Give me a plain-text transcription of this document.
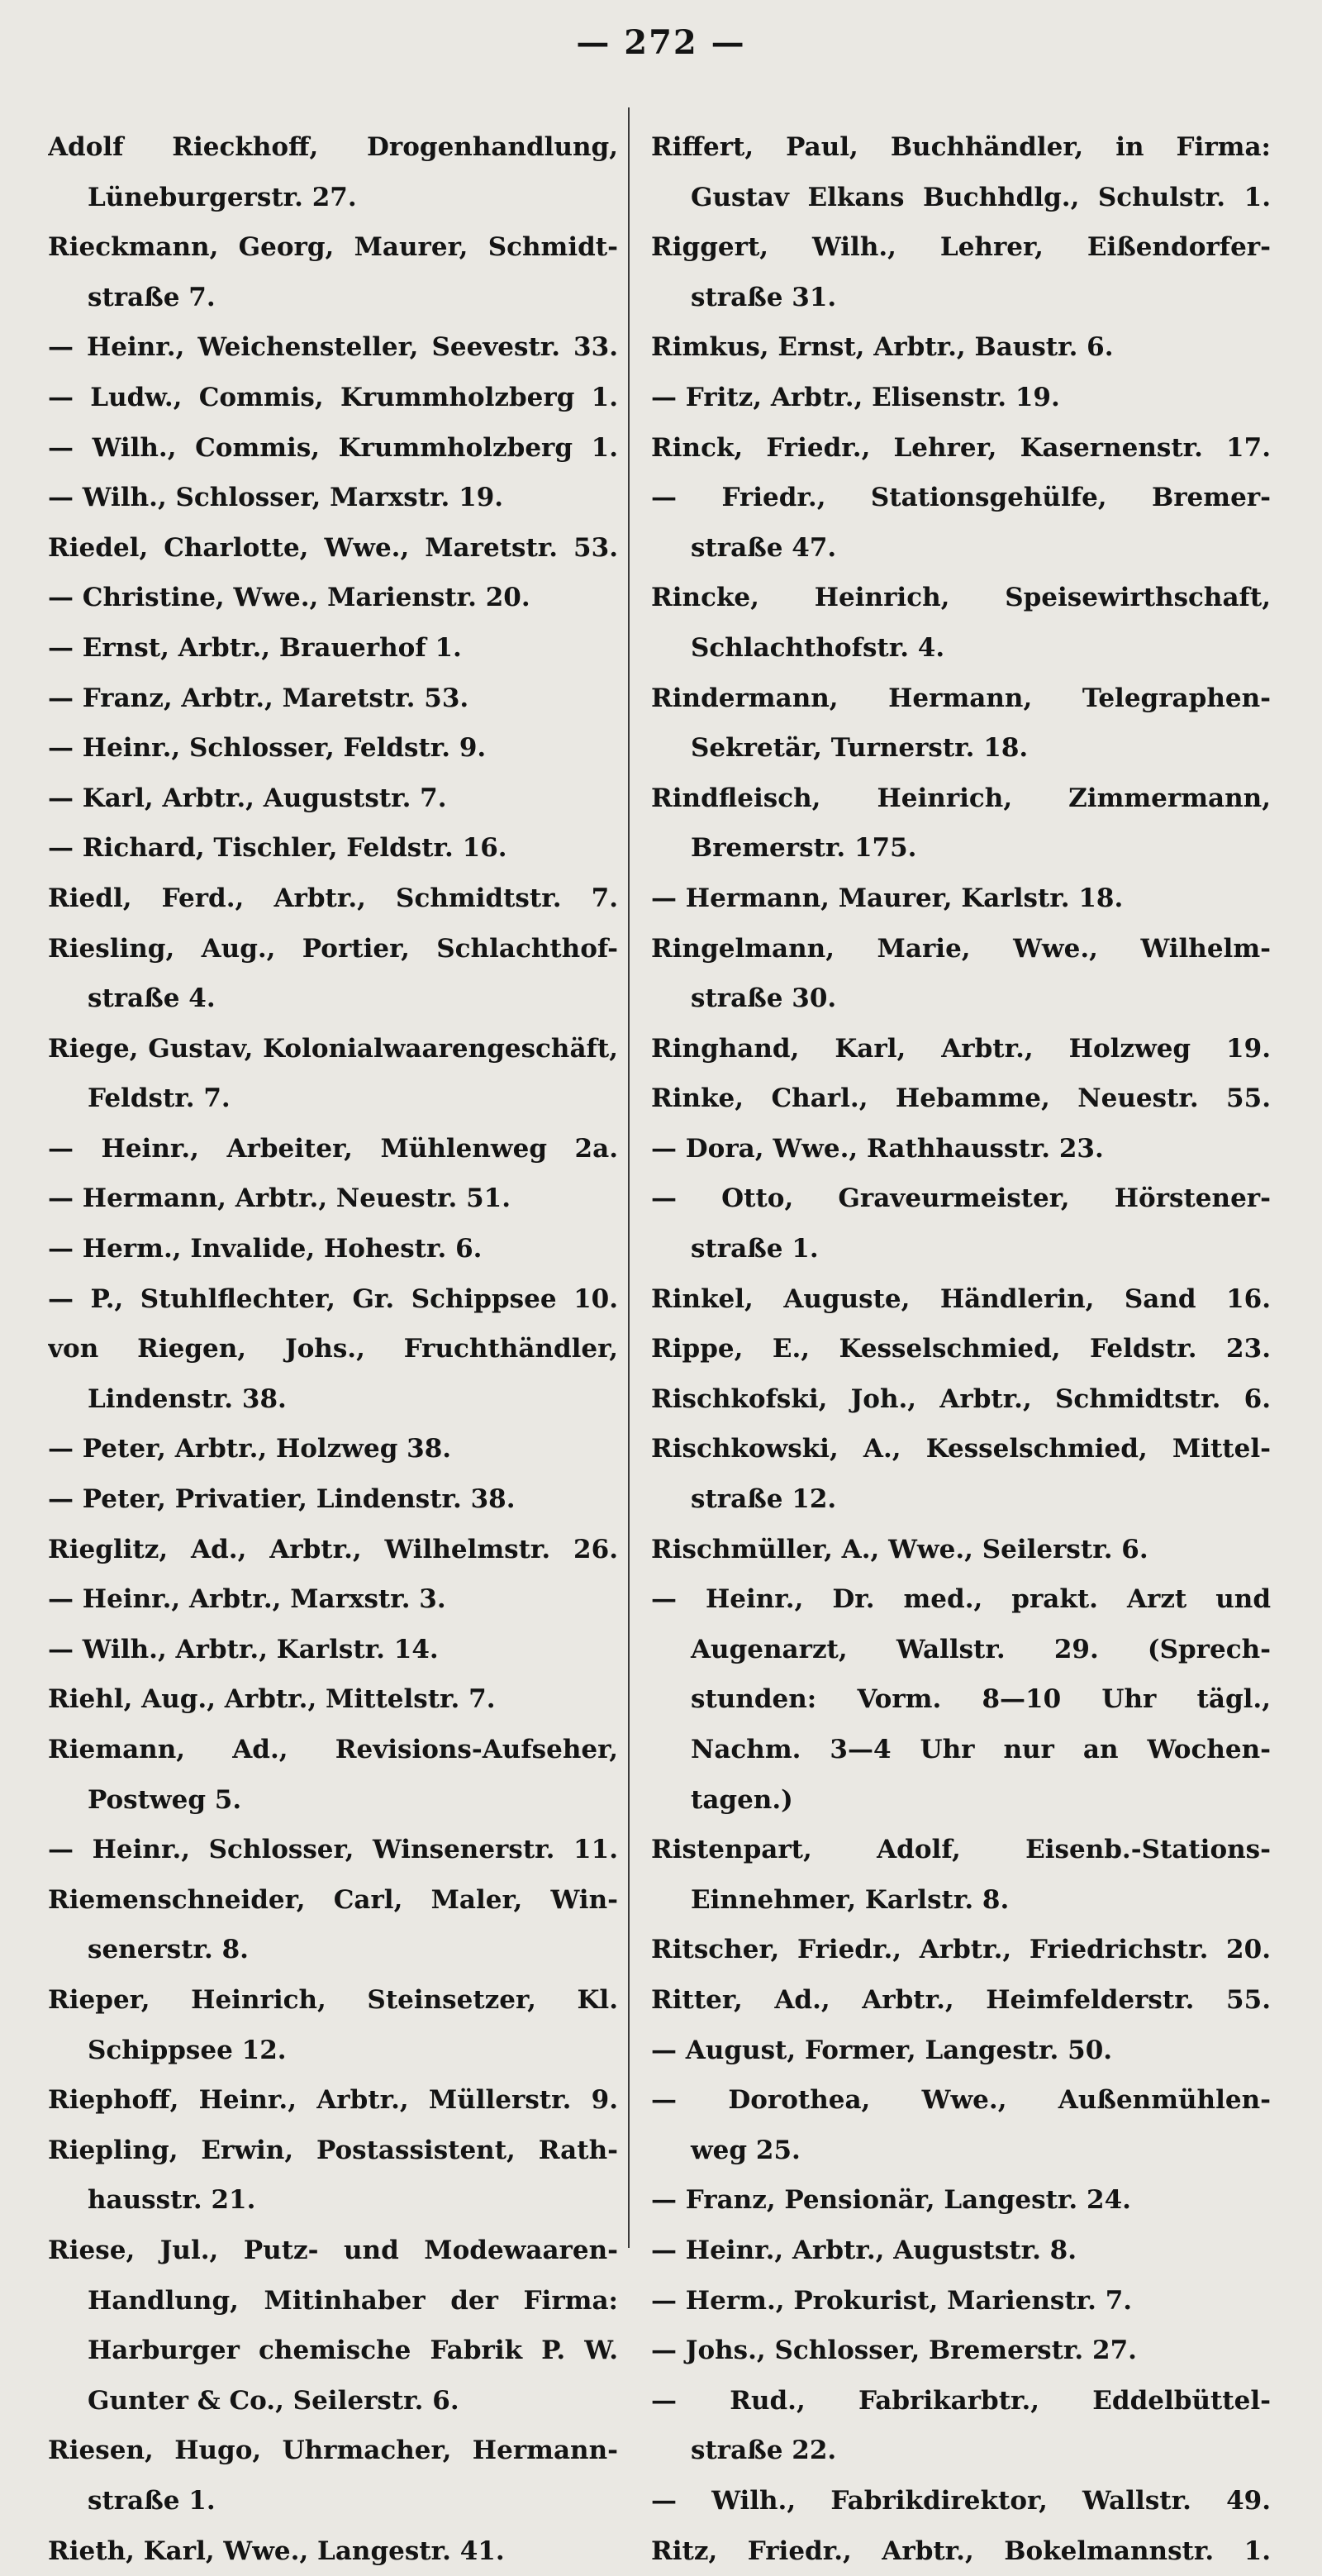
— 272 —
Adolf Rieckhoff, Drogenhandlung,
Lüneburgerstr. 27.
Rieckmann, Georg, Maurer, Schmidt-
straße 7.
— Heinr., Weichensteller, Seevestr. 33.
— Ludw., Commis, Krummholzberg 1.
— Wilh., Commis, Krummholzberg 1.
— Wilh., Schlosser, Marxstr. 19.
Riedel, Charlotte, Wwe., Maretstr. 53.
— Christine, Wwe., Marienstr. 20.
— Ernst, Arbtr., Brauerhof 1.
— Franz, Arbtr., Maretstr. 53.
— Heinr., Schlosser, Feldstr. 9.
— Karl, Arbtr., Auguststr. 7.
— Richard, Tischler, Feldstr. 16.
Riedl, Ferd., Arbtr., Schmidtstr. 7.
Riesling, Aug., Portier, Schlachthof-
straße 4.
Riege, Gustav, Kolonialwaarengeschäft,
Feldstr. 7.
— Heinr., Arbeiter, Mühlenweg 2a.
— Hermann, Arbtr., Neuestr. 51.
— Herm., Invalide, Hohestr. 6.
— P., Stuhlflechter, Gr. Schippsee 10.
von Riegen, Johs., Fruchthändler,
Lindenstr. 38.
— Peter, Arbtr., Holzweg 38.
— Peter, Privatier, Lindenstr. 38.
Rieglitz, Ad., Arbtr., Wilhelmstr. 26.
— Heinr., Arbtr., Marxstr. 3.
— Wilh., Arbtr., Karlstr. 14.
Riehl, Aug., Arbtr., Mittelstr. 7.
Riemann, Ad., Revisions-Aufseher,
Postweg 5.
— Heinr., Schlosser, Winsenerstr. 11.
Riemenschneider, Carl, Maler, Win-
senerstr. 8.
Rieper, Heinrich, Steinsetzer, Kl.
Schippsee 12.
Riephoff, Heinr., Arbtr., Müllerstr. 9.
Riepling, Erwin, Postassistent, Rath-
hausstr. 21.
Riese, Jul., Putz- und Modewaaren-
Handlung, Mitinhaber der Firma:
Harburger chemische Fabrik P. W.
Gunter & Co., Seilerstr. 6.
Riesen, Hugo, Uhrmacher, Hermann-
straße 1.
Rieth, Karl, Wwe., Langestr. 41.
Riffert, Paul, Buchhändler, in Firma:
Gustav Elkans Buchhdlg., Schulstr. 1.
Riggert, Wilh., Lehrer, Eißendorfer-
straße 31.
Rimkus, Ernst, Arbtr., Baustr. 6.
— Fritz, Arbtr., Elisenstr. 19.
Rinck, Friedr., Lehrer, Kasernenstr. 17.
— Friedr., Stationsgehülfe, Bremer-
straße 47.
Rincke, Heinrich, Speisewirthschaft,
Schlachthofstr. 4.
Rindermann, Hermann, Telegraphen-
Sekretär, Turnerstr. 18.
Rindfleisch, Heinrich, Zimmermann,
Bremerstr. 175.
— Hermann, Maurer, Karlstr. 18.
Ringelmann, Marie, Wwe., Wilhelm-
straße 30.
Ringhand, Karl, Arbtr., Holzweg 19.
Rinke, Charl., Hebamme, Neuestr. 55.
— Dora, Wwe., Rathhausstr. 23.
— Otto, Graveurmeister, Hörstener-
straße 1.
Rinkel, Auguste, Händlerin, Sand 16.
Rippe, E., Kesselschmied, Feldstr. 23.
Rischkofski, Joh., Arbtr., Schmidtstr. 6.
Rischkowski, A., Kesselschmied, Mittel-
straße 12.
Rischmüller, A., Wwe., Seilerstr. 6.
— Heinr., Dr. med., prakt. Arzt und
Augenarzt, Wallstr. 29. (Sprech-
stunden: Vorm. 8—10 Uhr tägl.,
Nachm. 3—4 Uhr nur an Wochen-
tagen.)
Ristenpart, Adolf, Eisenb.-Stations-
Einnehmer, Karlstr. 8.
Ritscher, Friedr., Arbtr., Friedrichstr. 20.
Ritter, Ad., Arbtr., Heimfelderstr. 55.
— August, Former, Langestr. 50.
— Dorothea, Wwe., Außenmühlen-
weg 25.
— Franz, Pensionär, Langestr. 24.
— Heinr., Arbtr., Auguststr. 8.
— Herm., Prokurist, Marienstr. 7.
— Johs., Schlosser, Bremerstr. 27.
— Rud., Fabrikarbtr., Eddelbüttel-
straße 22.
— Wilh., Fabrikdirektor, Wallstr. 49.
Ritz, Friedr., Arbtr., Bokelmannstr. 1.
